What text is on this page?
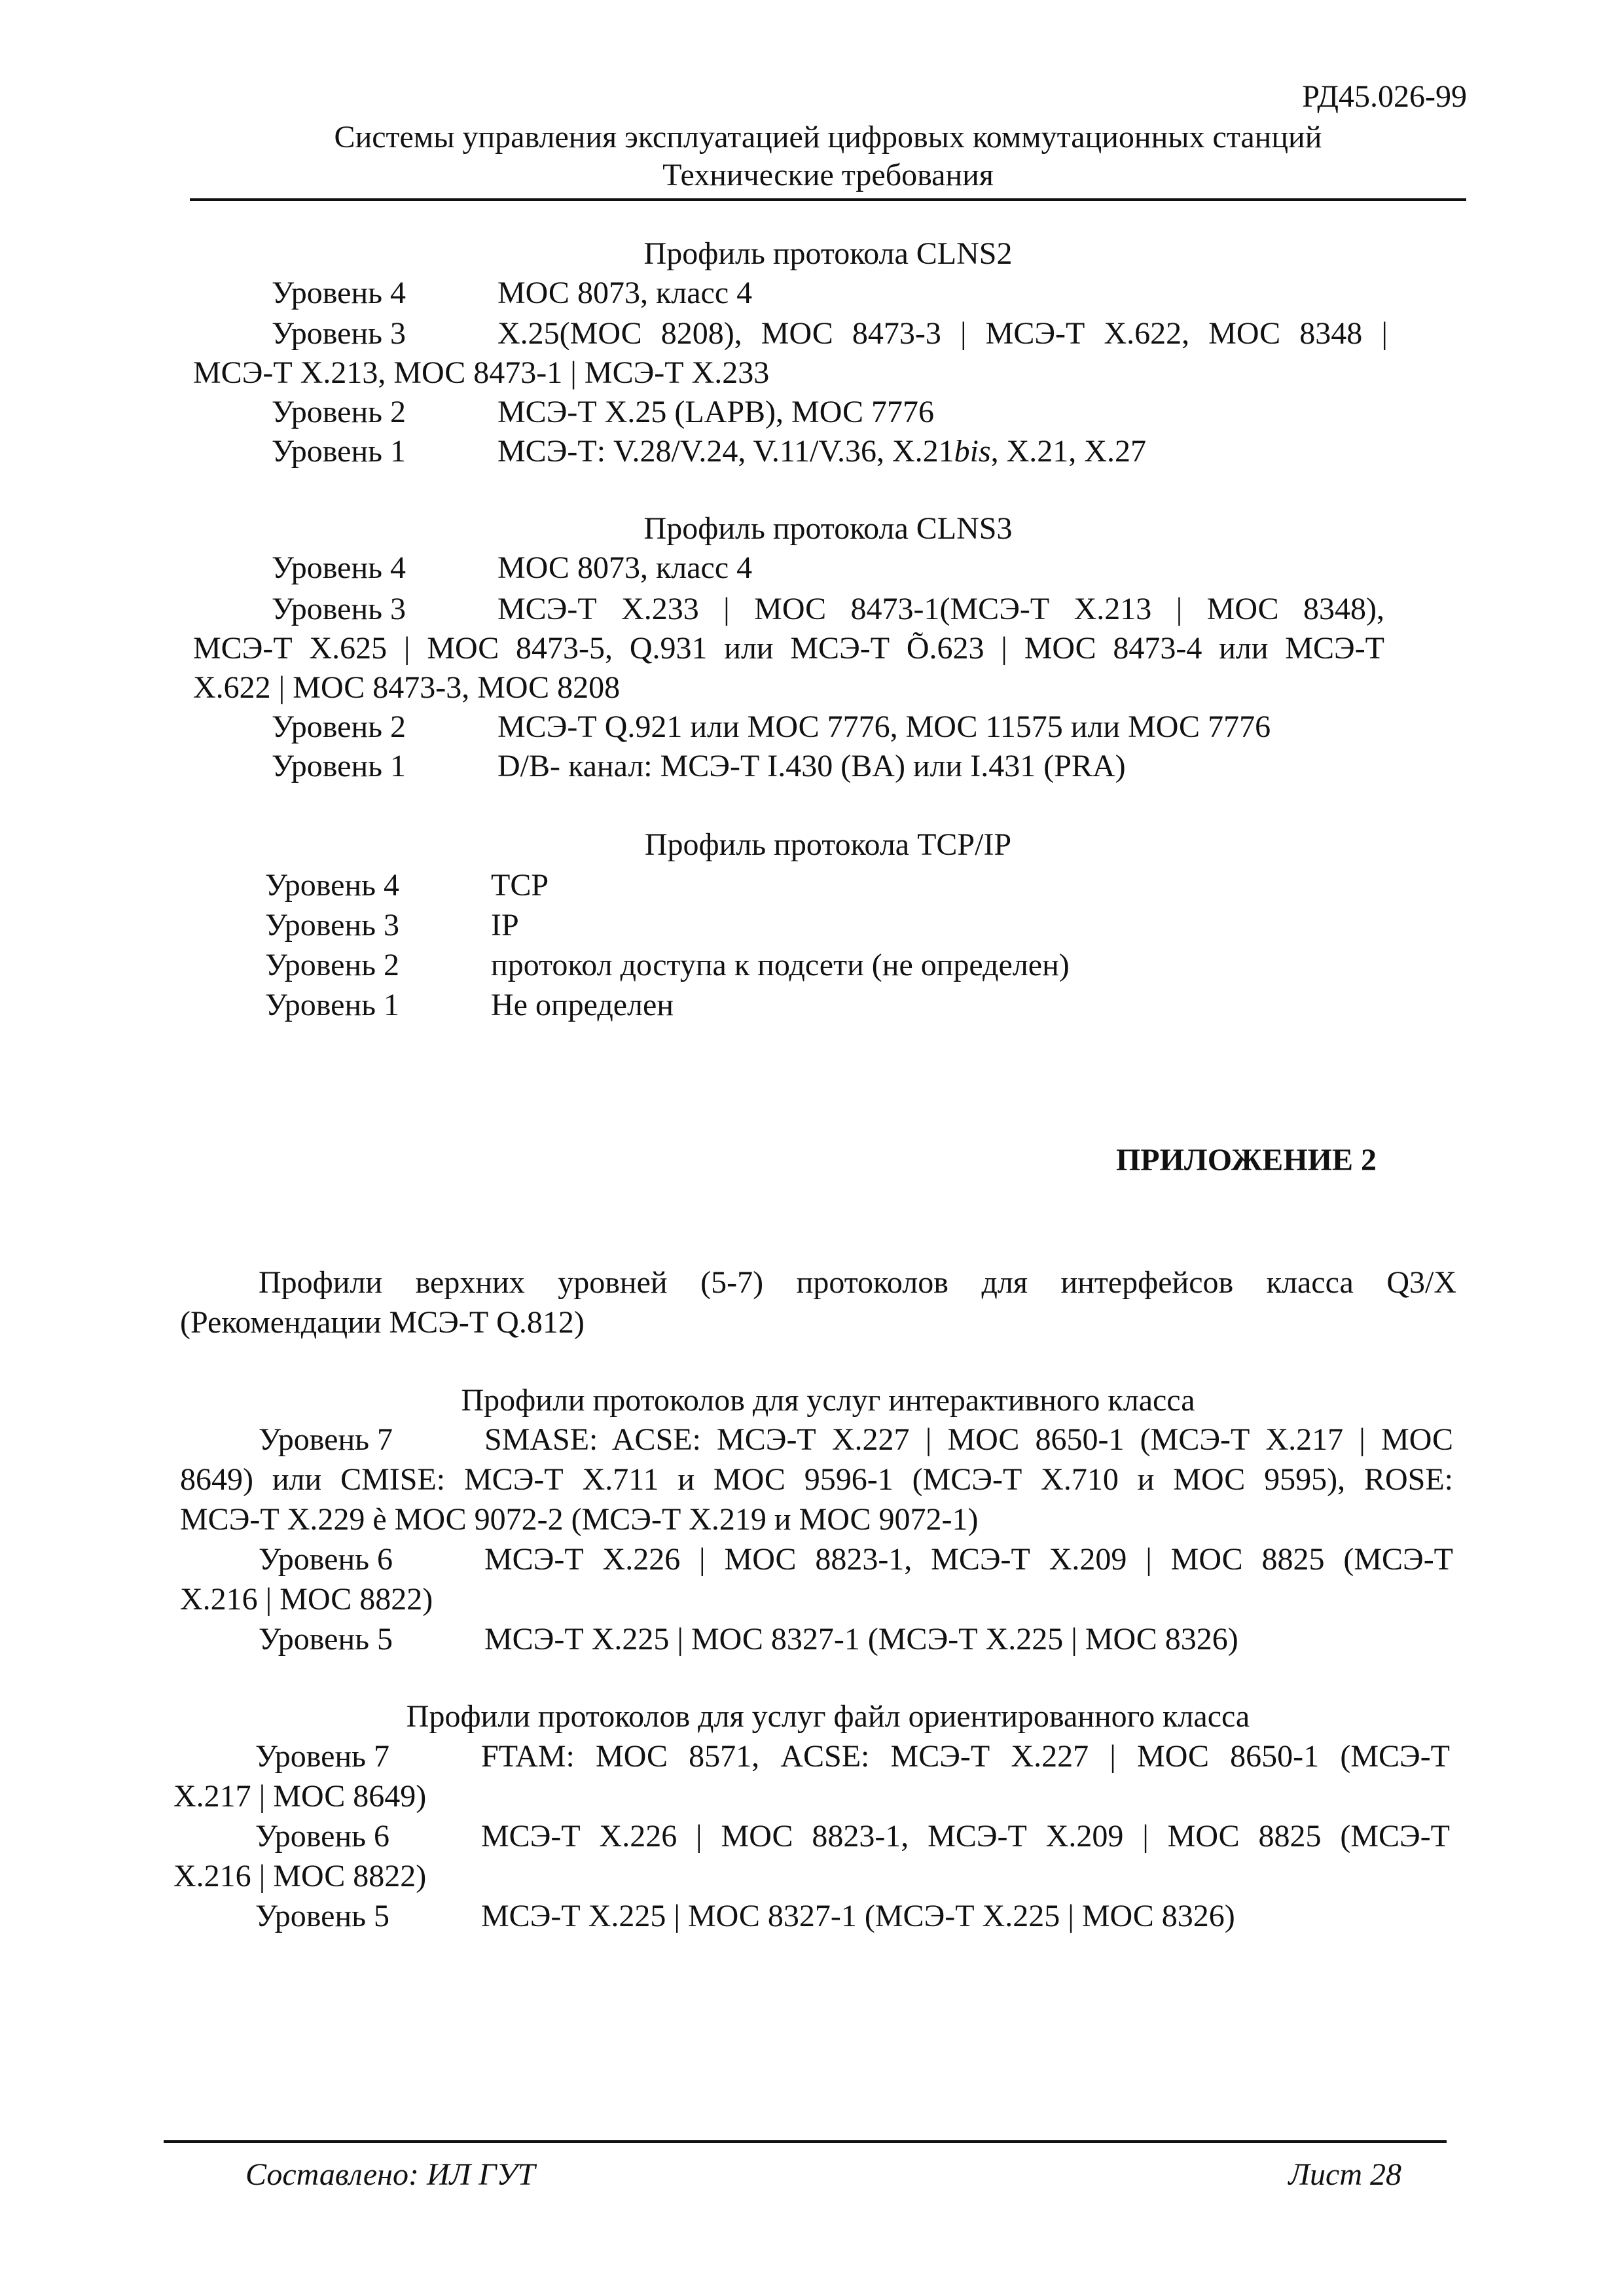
РД45.026-99
Системы управления эксплуатацией цифровых коммутационных станций
Технические требования
Профиль протокола CLNS2
Уровень 4	МОС 8073, класс 4
Уровень 3	X.25(МОС 8208), МОС 8473-3 | МСЭ-Т X.622, МОС 8348 |
МСЭ-Т X.213, МОС 8473-1 | МСЭ-Т X.233
Уровень 2	МСЭ-Т X.25 (LAPB), МОС 7776
Уровень 1	МСЭ-Т: V.28/V.24, V.11/V.36, X.21bis, X.21, X.27
Профиль протокола CLNS3
Уровень 4	МОС 8073, класс 4
Уровень 3	МСЭ-Т X.233 | МОС 8473-1(МСЭ-Т X.213 | МОС 8348),
МСЭ-Т X.625 | МОС 8473-5, Q.931 или МСЭ-Т Õ.623 | МОС 8473-4 или МСЭ-Т
X.622 | МОС 8473-3, МОС 8208
Уровень 2	МСЭ-Т Q.921 или МОС 7776, МОС 11575 или МОС 7776
Уровень 1	D/B- канал: МСЭ-Т I.430 (BA) или I.431 (PRA)
Профиль протокола TCP/IP
Уровень 4	TCP
Уровень 3	IP
Уровень 2	протокол доступа к подсети (не определен)
Уровень 1	Не определен
ПРИЛОЖЕНИЕ 2
Профили верхних уровней (5-7) протоколов для интерфейсов класса Q3/X
(Рекомендации МСЭ-Т Q.812)
Профили протоколов для услуг интерактивного класса
Уровень 7	SMASE: ACSE: МСЭ-Т X.227 | МОС 8650-1 (МСЭ-Т X.217 | МОС
8649) или CMISE: МСЭ-Т X.711 и МОС 9596-1 (МСЭ-Т X.710 и МОС 9595), ROSE:
МСЭ-Т X.229 è МОС 9072-2 (МСЭ-Т X.219 и МОС 9072-1)
Уровень 6	МСЭ-Т X.226 | МОС 8823-1, МСЭ-Т X.209 | МОС 8825 (МСЭ-Т
X.216 | МОС 8822)
Уровень 5	МСЭ-Т X.225 | МОС 8327-1 (МСЭ-Т X.225 | МОС 8326)
Профили протоколов для услуг файл ориентированного класса
Уровень 7	FTAM: МОС 8571, ACSE: МСЭ-Т X.227 | МОС 8650-1 (МСЭ-Т
X.217 | МОС 8649)
Уровень 6	МСЭ-Т X.226 | МОС 8823-1, МСЭ-Т X.209 | МОС 8825 (МСЭ-Т
X.216 | МОС 8822)
Уровень 5	МСЭ-Т X.225 | МОС 8327-1 (МСЭ-Т X.225 | МОС 8326)
Составлено: ИЛ ГУТ	Лист 28
